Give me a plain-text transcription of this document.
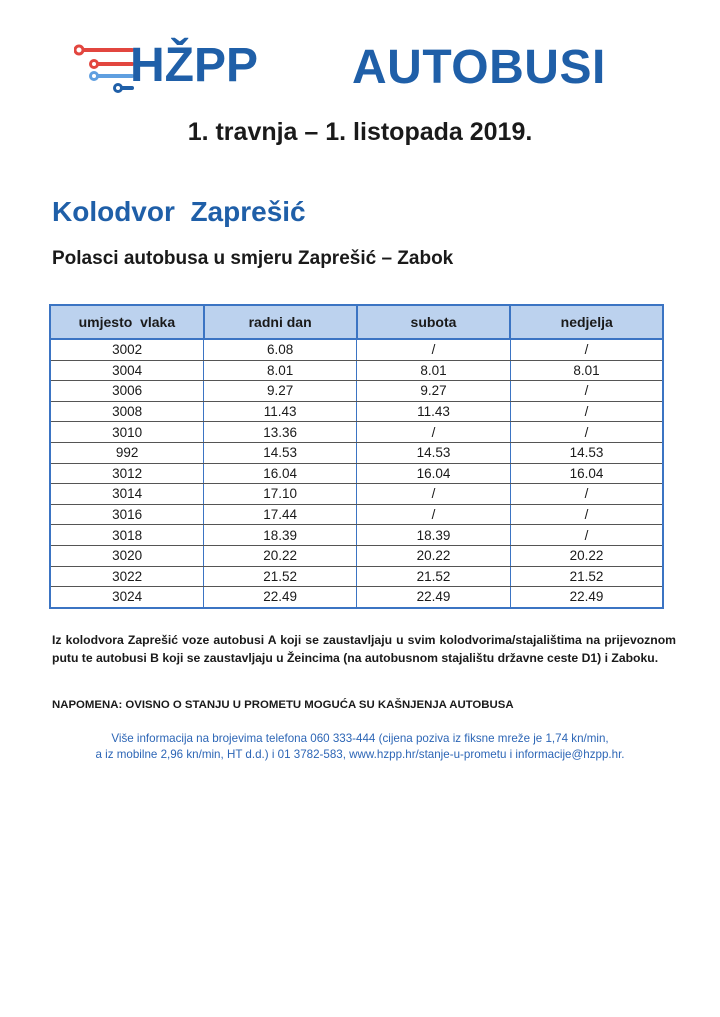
HŽPP AUTOBUSI
1. travnja – 1. listopada 2019.
Kolodvor  Zaprešić
Polasci autobusa u smjeru Zaprešić – Zabok
umjesto  vlaka	radni dan	subota	nedjelja
3002	6.08	/	/
3004	8.01	8.01	8.01
3006	9.27	9.27	/
3008	11.43	11.43	/
3010	13.36	/	/
992	14.53	14.53	14.53
3012	16.04	16.04	16.04
3014	17.10	/	/
3016	17.44	/	/
3018	18.39	18.39	/
3020	20.22	20.22	20.22
3022	21.52	21.52	21.52
3024	22.49	22.49	22.49
Iz kolodvora Zaprešić voze autobusi A koji se zaustavljaju u svim kolodvorima/stajalištima na prijevoznom putu te autobusi B koji se zaustavljaju u Žeincima (na autobusnom stajalištu državne ceste D1) i Zaboku.
NAPOMENA: OVISNO O STANJU U PROMETU MOGUĆA SU KAŠNJENJA AUTOBUSA
Više informacija na brojevima telefona 060 333-444 (cijena poziva iz fiksne mreže je 1,74 kn/min,
a iz mobilne 2,96 kn/min, HT d.d.) i 01 3782-583, www.hzpp.hr/stanje-u-prometu i informacije@hzpp.hr.
